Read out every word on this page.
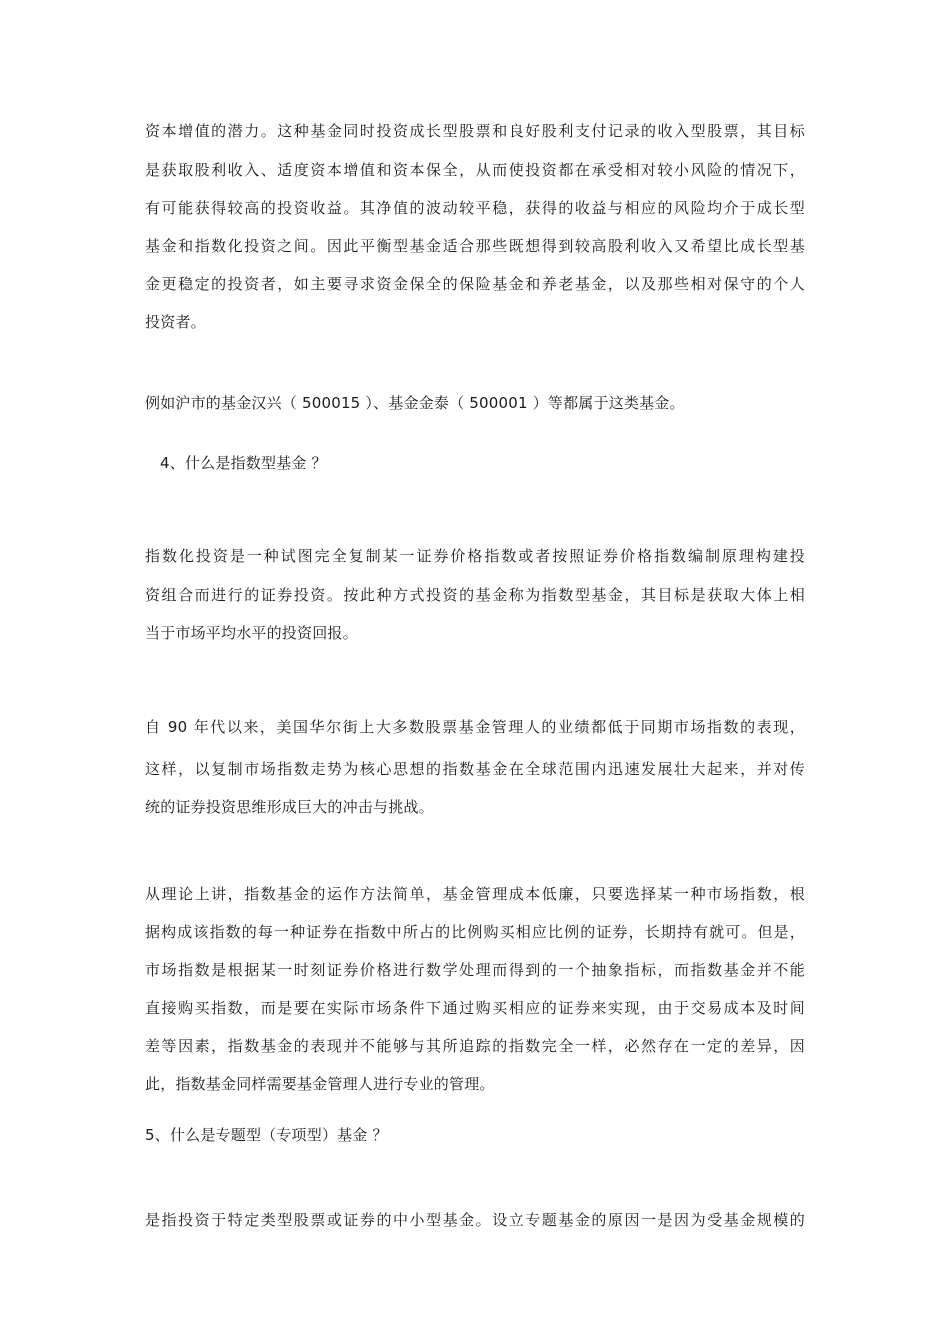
资本增值的潜力。这种基金同时投资成长型股票和良好股利支付记录的收入型股票，其目标
是获取股利收入、适度资本增值和资本保全，从而使投资都在承受相对较小风险的情况下，
有可能获得较高的投资收益。其净值的波动较平稳，获得的收益与相应的风险均介于成长型
基金和指数化投资之间。因此平衡型基金适合那些既想得到较高股利收入又希望比成长型基
金更稳定的投资者，如主要寻求资金保全的保险基金和养老基金，以及那些相对保守的个人
投资者。
例如沪市的基金汉兴（ 500015 ）、基金金泰（ 500001 ）等都属于这类基金。
4、什么是指数型基金 ？
指数化投资是一种试图完全复制某一证券价格指数或者按照证券价格指数编制原理构建投
资组合而进行的证券投资。按此种方式投资的基金称为指数型基金，其目标是获取大体上相
当于市场平均水平的投资回报。
自 90 年代以来，美国华尔街上大多数股票基金管理人的业绩都低于同期市场指数的表现，
这样，以复制市场指数走势为核心思想的指数基金在全球范围内迅速发展壮大起来，并对传
统的证券投资思维形成巨大的冲击与挑战。
从理论上讲，指数基金的运作方法简单，基金管理成本低廉，只要选择某一种市场指数，根
据构成该指数的每一种证券在指数中所占的比例购买相应比例的证券，长期持有就可。但是，
市场指数是根据某一时刻证券价格进行数学处理而得到的一个抽象指标，而指数基金并不能
直接购买指数，而是要在实际市场条件下通过购买相应的证券来实现，由于交易成本及时间
差等因素，指数基金的表现并不能够与其所追踪的指数完全一样，必然存在一定的差异，因
此，指数基金同样需要基金管理人进行专业的管理。
5、什么是专题型（专项型）基金 ？
是指投资于特定类型股票或证券的中小型基金。设立专题基金的原因一是因为受基金规模的
